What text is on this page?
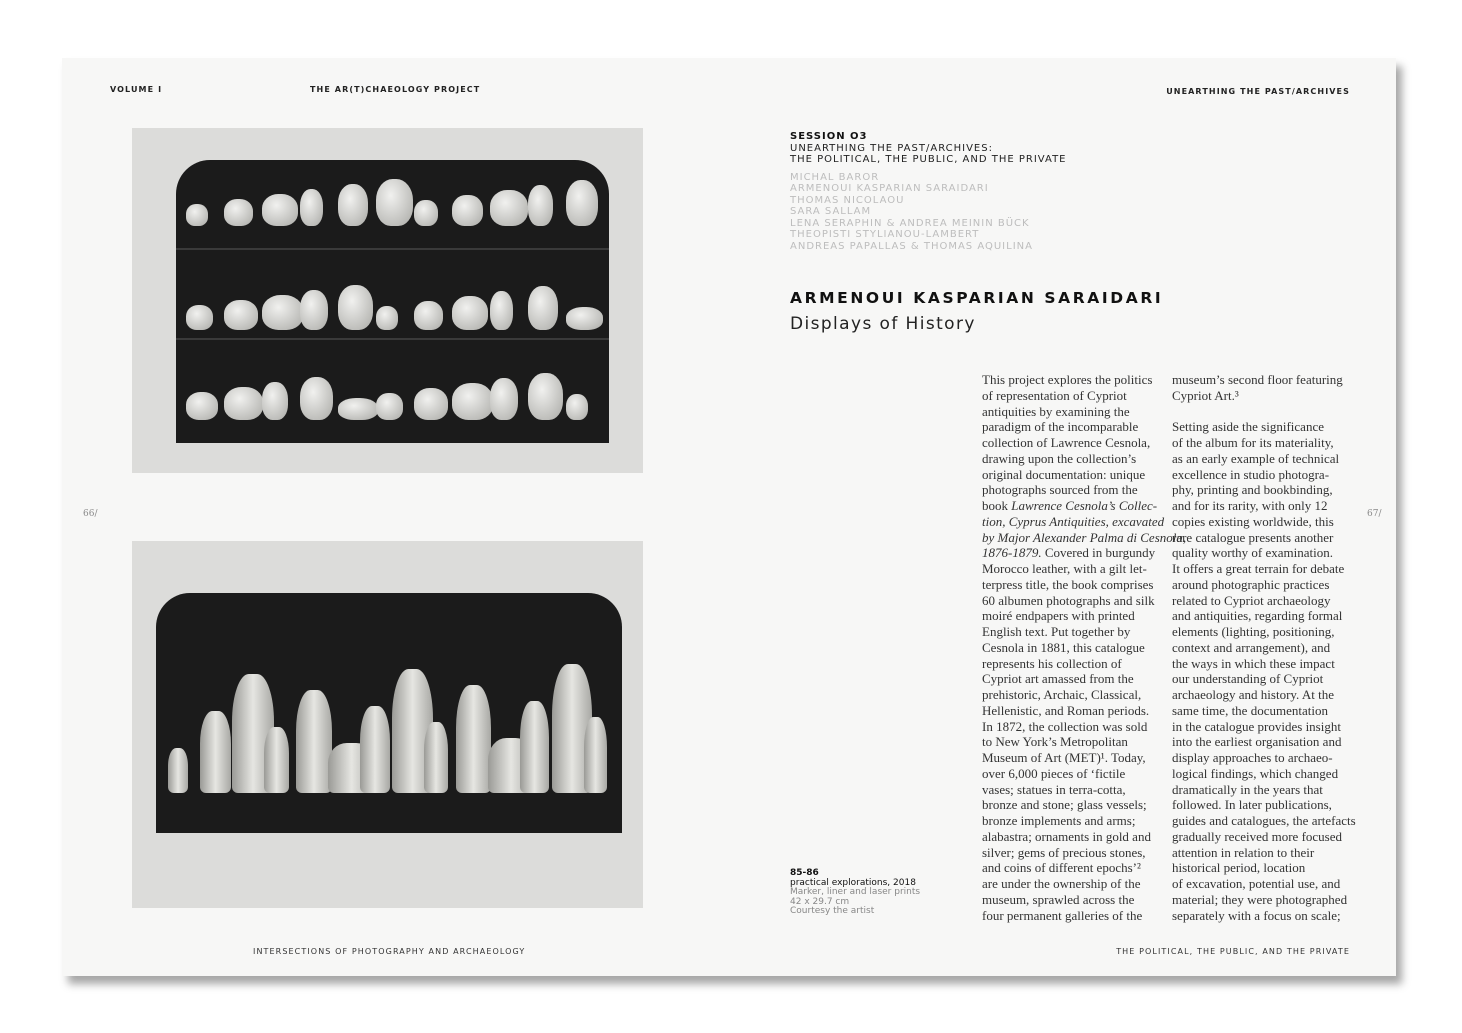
VOLUME I	THE AR(T)CHAEOLOGY PROJECT	UNEARTHING THE PAST/ARCHIVES
66/	67/
INTERSECTIONS OF PHOTOGRAPHY AND ARCHAEOLOGY	THE POLITICAL, THE PUBLIC, AND THE PRIVATE
SESSION O3
UNEARTHING THE PAST/ARCHIVES:
THE POLITICAL, THE PUBLIC, AND THE PRIVATE
MICHAL BAROR
ARMENOUI KASPARIAN SARAIDARI
THOMAS NICOLAOU
SARA SALLAM
LENA SERAPHIN & ANDREA MEININ BÜCK
THEOPISTI STYLIANOU-LAMBERT
ANDREAS PAPALLAS & THOMAS AQUILINA
ARMENOUI KASPARIAN SARAIDARI
Displays of History
This project explores the politics
of representation of Cypriot
antiquities by examining the
paradigm of the incomparable
collection of Lawrence Cesnola,
drawing upon the collection’s
original documentation: unique
photographs sourced from the
book Lawrence Cesnola’s Collec-
tion, Cyprus Antiquities, excavated
by Major Alexander Palma di Cesnola,
1876-1879. Covered in burgundy
Morocco leather, with a gilt let-
terpress title, the book comprises
60 albumen photographs and silk
moiré endpapers with printed
English text. Put together by
Cesnola in 1881, this catalogue
represents his collection of
Cypriot art amassed from the
prehistoric, Archaic, Classical,
Hellenistic, and Roman periods.
In 1872, the collection was sold
to New York’s Metropolitan
Museum of Art (MET)¹. Today,
over 6,000 pieces of ‘fictile
vases; statues in terra-cotta,
bronze and stone; glass vessels;
bronze implements and arms;
alabastra; ornaments in gold and
silver; gems of precious stones,
and coins of different epochs’²
are under the ownership of the
museum, sprawled across the
four permanent galleries of the
museum’s second floor featuring
Cypriot Art.³
Setting aside the significance
of the album for its materiality,
as an early example of technical
excellence in studio photogra-
phy, printing and bookbinding,
and for its rarity, with only 12
copies existing worldwide, this
rare catalogue presents another
quality worthy of examination.
It offers a great terrain for debate
around photographic practices
related to Cypriot archaeology
and antiquities, regarding formal
elements (lighting, positioning,
context and arrangement), and
the ways in which these impact
our understanding of Cypriot
archaeology and history. At the
same time, the documentation
in the catalogue provides insight
into the earliest organisation and
display approaches to archaeo-
logical findings, which changed
dramatically in the years that
followed. In later publications,
guides and catalogues, the artefacts
gradually received more focused
attention in relation to their
historical period, location
of excavation, potential use, and
material; they were photographed
separately with a focus on scale;
85-86
practical explorations, 2018
Marker, liner and laser prints
42 x 29.7 cm
Courtesy the artist
